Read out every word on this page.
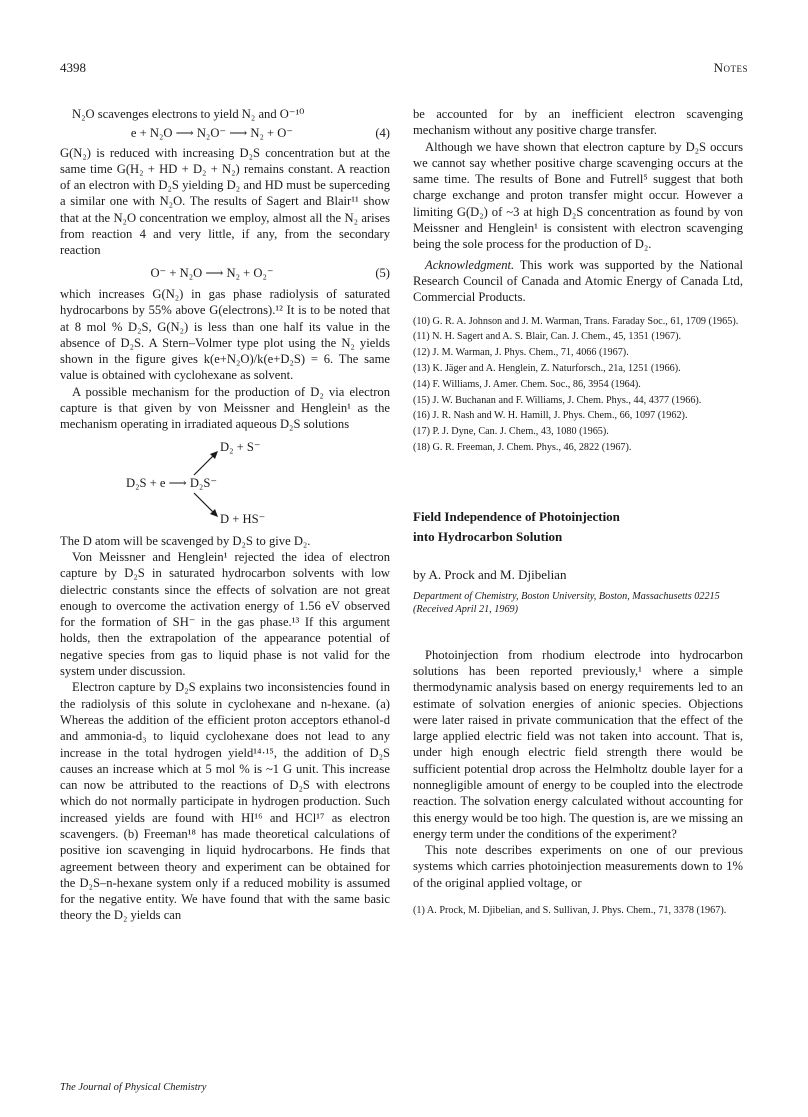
4398	Notes

N₂O scavenges electrons to yield N₂ and O⁻¹⁰

e + N₂O ⟶ N₂O⁻ ⟶ N₂ + O⁻	(4)

G(N₂) is reduced with increasing D₂S concentration but at the same time G(H₂ + HD + D₂ + N₂) remains constant. A reaction of an electron with D₂S yielding D₂ and HD must be superceding a similar one with N₂O. The results of Sagert and Blair¹¹ show that at the N₂O concentration we employ, almost all the N₂ arises from reaction 4 and very little, if any, from the secondary reaction

O⁻ + N₂O ⟶ N₂ + O₂⁻	(5)

which increases G(N₂) in gas phase radiolysis of saturated hydrocarbons by 55% above G(electrons).¹² It is to be noted that at 8 mol % D₂S, G(N₂) is less than one half its value in the absence of D₂S. A Stern–Volmer type plot using the N₂ yields shown in the figure gives k(e+N₂O)/k(e+D₂S) = 6. The same value is obtained with cyclohexane as solvent.

A possible mechanism for the production of D₂ via electron capture is that given by von Meissner and Henglein¹ as the mechanism operating in irradiated aqueous D₂S solutions

D₂ + S⁻
D₂S + e ⟶ D₂S⁻
D + HS⁻

The D atom will be scavenged by D₂S to give D₂.

Von Meissner and Henglein¹ rejected the idea of electron capture by D₂S in saturated hydrocarbon solvents with low dielectric constants since the effects of solvation are not great enough to overcome the activation energy of 1.56 eV observed for the formation of SH⁻ in the gas phase.¹³ If this argument holds, then the extrapolation of the appearance potential of negative species from gas to liquid phase is not valid for the system under discussion.

Electron capture by D₂S explains two inconsistencies found in the radiolysis of this solute in cyclohexane and n-hexane. (a) Whereas the addition of the efficient proton acceptors ethanol-d and ammonia-d₃ to liquid cyclohexane does not lead to any increase in the total hydrogen yield¹⁴·¹⁵, the addition of D₂S causes an increase which at 5 mol % is ~1 G unit. This increase can now be attributed to the reactions of D₂S with electrons which do not normally participate in hydrogen production. Such increased yields are found with HI¹⁶ and HCl¹⁷ as electron scavengers. (b) Freeman¹⁸ has made theoretical calculations of positive ion scavenging in liquid hydrocarbons. He finds that agreement between theory and experiment can be obtained for the D₂S–n-hexane system only if a reduced mobility is assumed for the negative entity. We have found that with the same basic theory the D₂ yields can

be accounted for by an inefficient electron scavenging mechanism without any positive charge transfer.

Although we have shown that electron capture by D₂S occurs we cannot say whether positive charge scavenging occurs at the same time. The results of Bone and Futrell⁵ suggest that both charge exchange and proton transfer might occur. However a limiting G(D₂) of ~3 at high D₂S concentration as found by von Meissner and Henglein¹ is consistent with electron scavenging being the sole process for the production of D₂.

Acknowledgment. This work was supported by the National Research Council of Canada and Atomic Energy of Canada Ltd, Commercial Products.

(10) G. R. A. Johnson and J. M. Warman, Trans. Faraday Soc., 61, 1709 (1965).
(11) N. H. Sagert and A. S. Blair, Can. J. Chem., 45, 1351 (1967).
(12) J. M. Warman, J. Phys. Chem., 71, 4066 (1967).
(13) K. Jäger and A. Henglein, Z. Naturforsch., 21a, 1251 (1966).
(14) F. Williams, J. Amer. Chem. Soc., 86, 3954 (1964).
(15) J. W. Buchanan and F. Williams, J. Chem. Phys., 44, 4377 (1966).
(16) J. R. Nash and W. H. Hamill, J. Phys. Chem., 66, 1097 (1962).
(17) P. J. Dyne, Can. J. Chem., 43, 1080 (1965).
(18) G. R. Freeman, J. Chem. Phys., 46, 2822 (1967).
Field Independence of Photoinjection
into Hydrocarbon Solution
by A. Prock and M. Djibelian
Department of Chemistry, Boston University, Boston, Massachusetts 02215 (Received April 21, 1969)

Photoinjection from rhodium electrode into hydrocarbon solutions has been reported previously,¹ where a simple thermodynamic analysis based on energy requirements led to an estimate of solvation energies of anionic species. Objections were later raised in private communication that the effect of the large applied electric field was not taken into account. That is, under high enough electric field strength there would be sufficient potential drop across the Helmholtz double layer for a nonnegligible amount of energy to be coupled into the electrode reaction. The solvation energy calculated without accounting for this energy would be too high. The question is, are we missing an energy term under the conditions of the experiment?

This note describes experiments on one of our previous systems which carries photoinjection measurements down to 1% of the original applied voltage, or

(1) A. Prock, M. Djibelian, and S. Sullivan, J. Phys. Chem., 71, 3378 (1967).
The Journal of Physical Chemistry
